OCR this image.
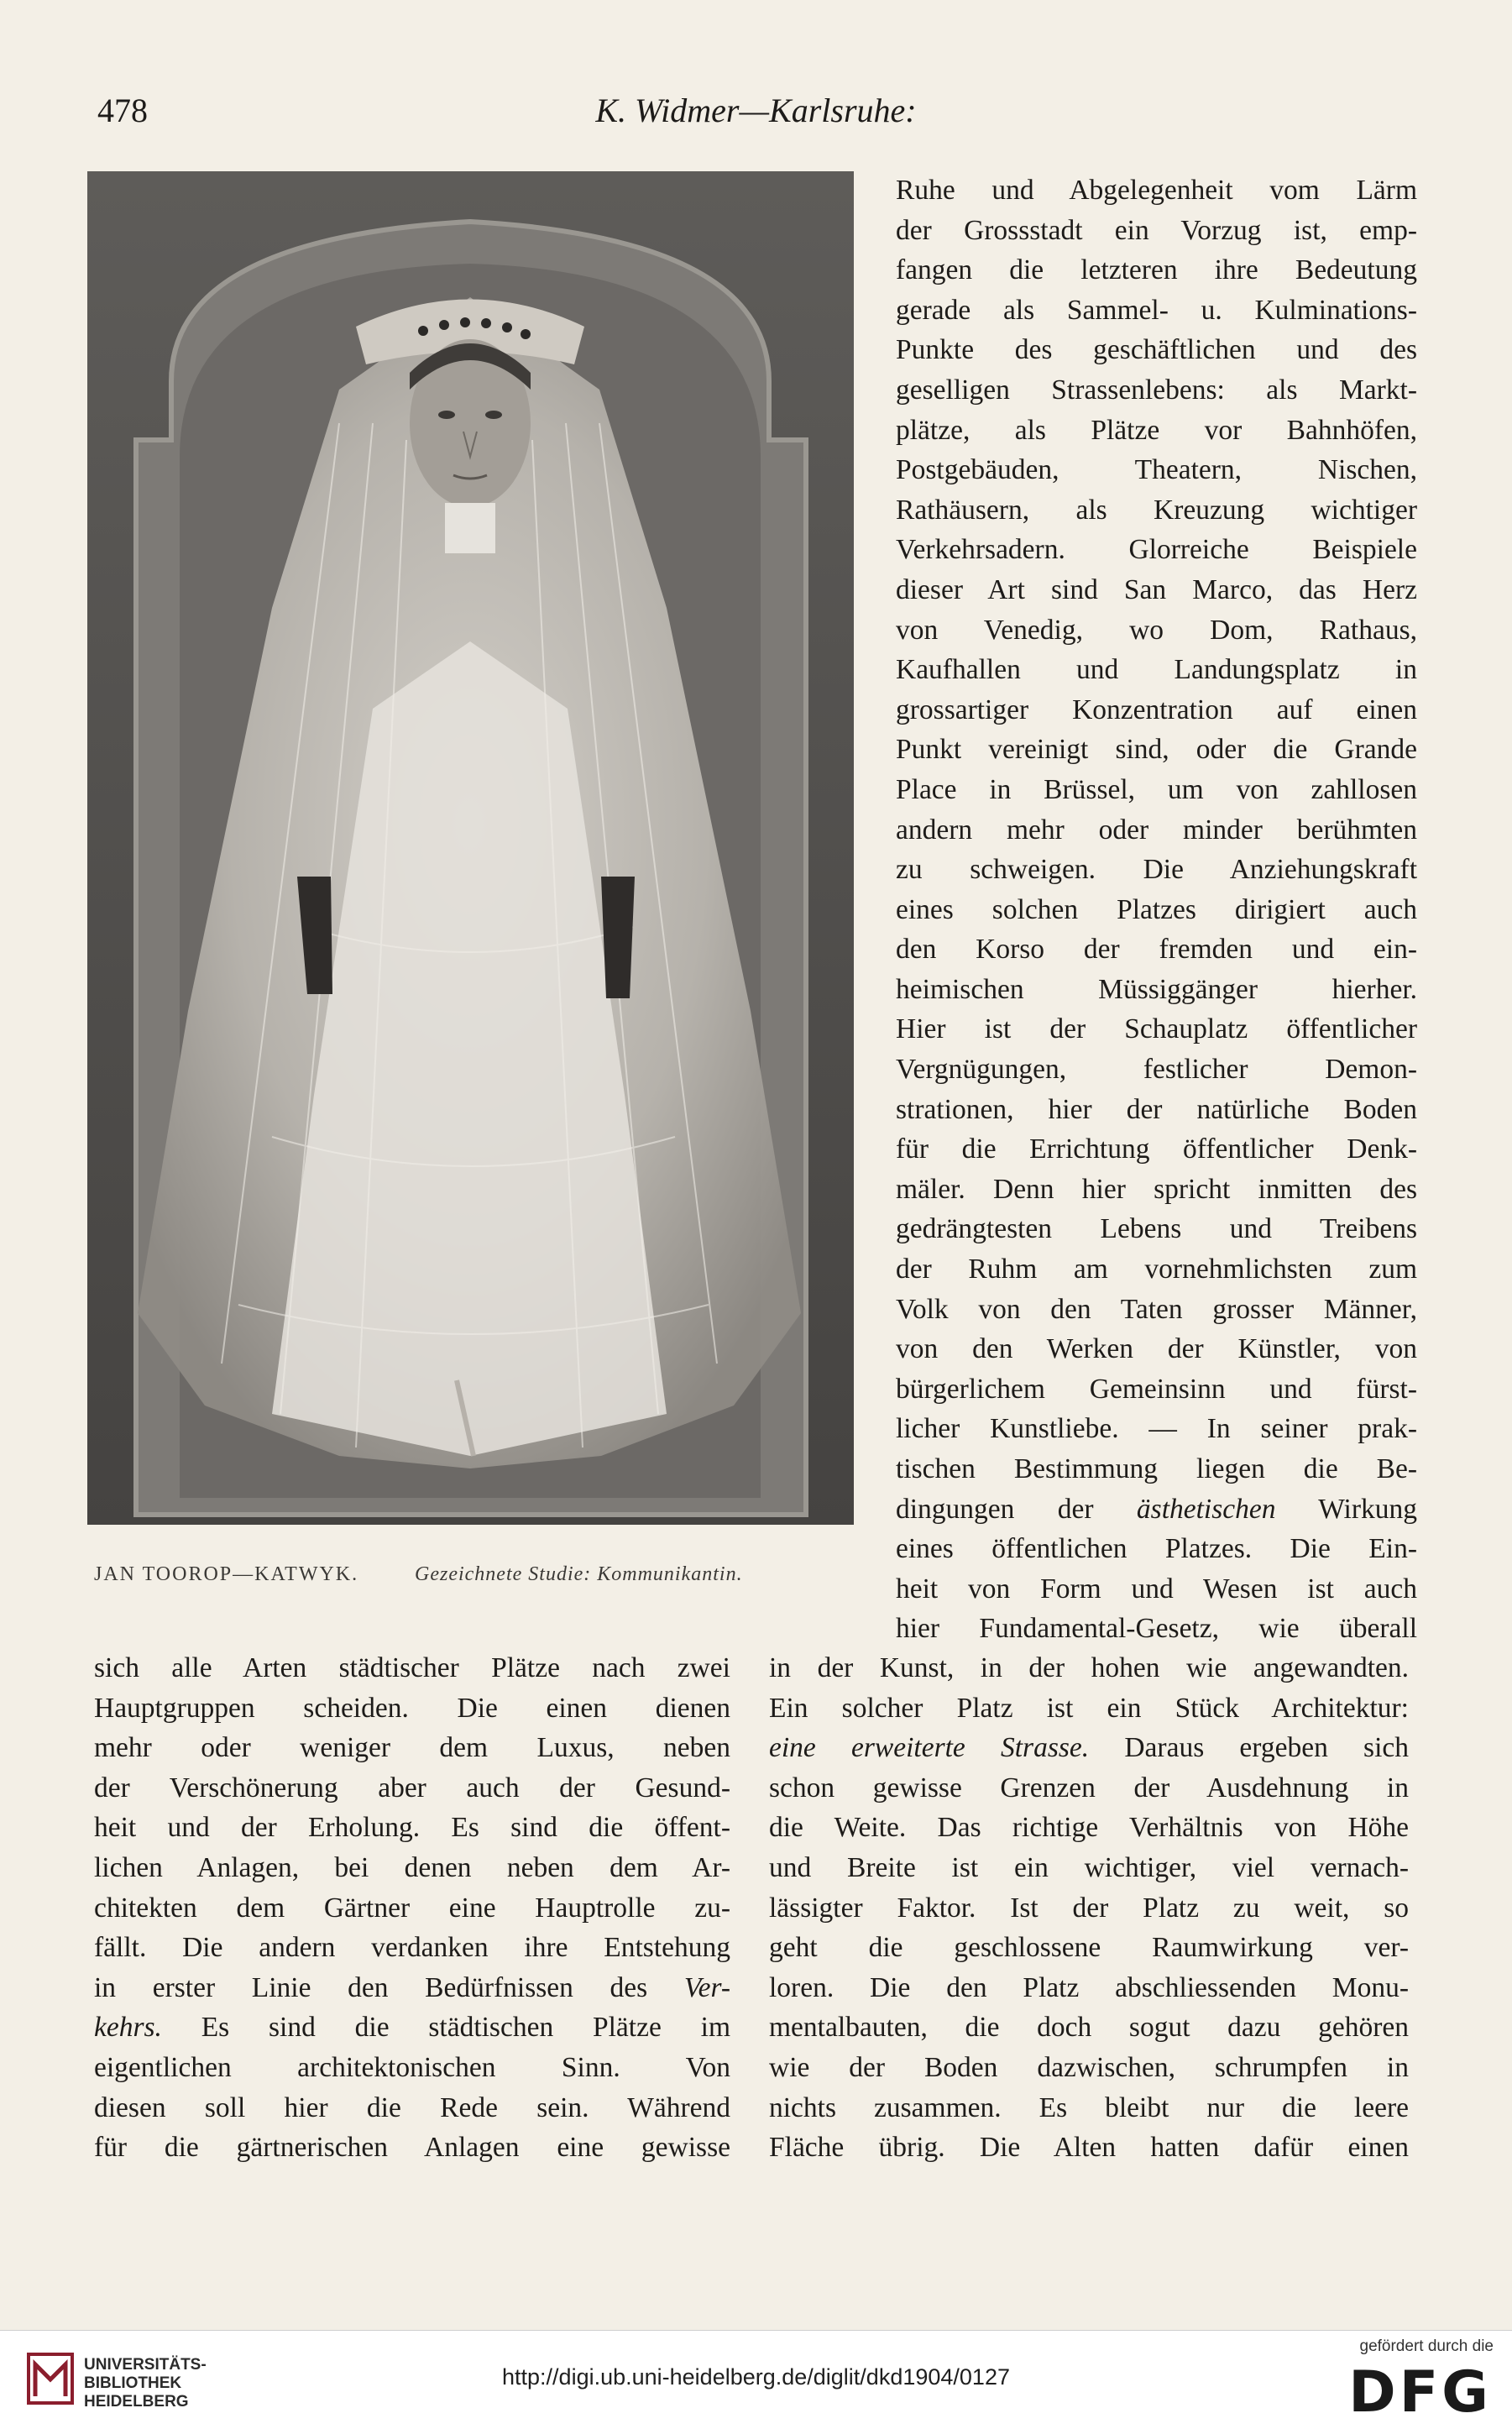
478	K. Widmer—Karlsruhe:
JAN TOOROP—KATWYK.	Gezeichnete Studie: Kommunikantin.
Ruhe und Abgelegenheit vom Lärm
der Grossstadt ein Vorzug ist, emp-
fangen die letzteren ihre Bedeutung
gerade als Sammel- u. Kulminations-
Punkte des geschäftlichen und des
geselligen Strassenlebens: als Markt-
plätze, als Plätze vor Bahnhöfen,
Postgebäuden, Theatern, Nischen,
Rathäusern, als Kreuzung wichtiger
Verkehrsadern. Glorreiche Beispiele
dieser Art sind San Marco, das Herz
von Venedig, wo Dom, Rathaus,
Kaufhallen und Landungsplatz in
grossartiger Konzentration auf einen
Punkt vereinigt sind, oder die Grande
Place in Brüssel, um von zahllosen
andern mehr oder minder berühmten
zu schweigen. Die Anziehungskraft
eines solchen Platzes dirigiert auch
den Korso der fremden und ein-
heimischen Müssiggänger hierher.
Hier ist der Schauplatz öffentlicher
Vergnügungen, festlicher Demon-
strationen, hier der natürliche Boden
für die Errichtung öffentlicher Denk-
mäler. Denn hier spricht inmitten des
gedrängtesten Lebens und Treibens
der Ruhm am vornehmlichsten zum
Volk von den Taten grosser Männer,
von den Werken der Künstler, von
bürgerlichem Gemeinsinn und fürst-
licher Kunstliebe. — In seiner prak-
tischen Bestimmung liegen die Be-
dingungen der ästhetischen Wirkung
eines öffentlichen Platzes. Die Ein-
heit von Form und Wesen ist auch
hier Fundamental-Gesetz, wie überall
sich alle Arten städtischer Plätze nach zwei
Hauptgruppen scheiden. Die einen dienen
mehr oder weniger dem Luxus, neben
der Verschönerung aber auch der Gesund-
heit und der Erholung. Es sind die öffent-
lichen Anlagen, bei denen neben dem Ar-
chitekten dem Gärtner eine Hauptrolle zu-
fällt. Die andern verdanken ihre Entstehung
in erster Linie den Bedürfnissen des Ver-
kehrs. Es sind die städtischen Plätze im
eigentlichen architektonischen Sinn. Von
diesen soll hier die Rede sein. Während
für die gärtnerischen Anlagen eine gewisse
in der Kunst, in der hohen wie angewandten.
Ein solcher Platz ist ein Stück Architektur:
eine erweiterte Strasse. Daraus ergeben sich
schon gewisse Grenzen der Ausdehnung in
die Weite. Das richtige Verhältnis von Höhe
und Breite ist ein wichtiger, viel vernach-
lässigter Faktor. Ist der Platz zu weit, so
geht die geschlossene Raumwirkung ver-
loren. Die den Platz abschliessenden Monu-
mentalbauten, die doch sogut dazu gehören
wie der Boden dazwischen, schrumpfen in
nichts zusammen. Es bleibt nur die leere
Fläche übrig. Die Alten hatten dafür einen
UNIVERSITÄTS-
BIBLIOTHEK
HEIDELBERG
http://digi.ub.uni-heidelberg.de/diglit/dkd1904/0127
gefördert durch die
DFG
